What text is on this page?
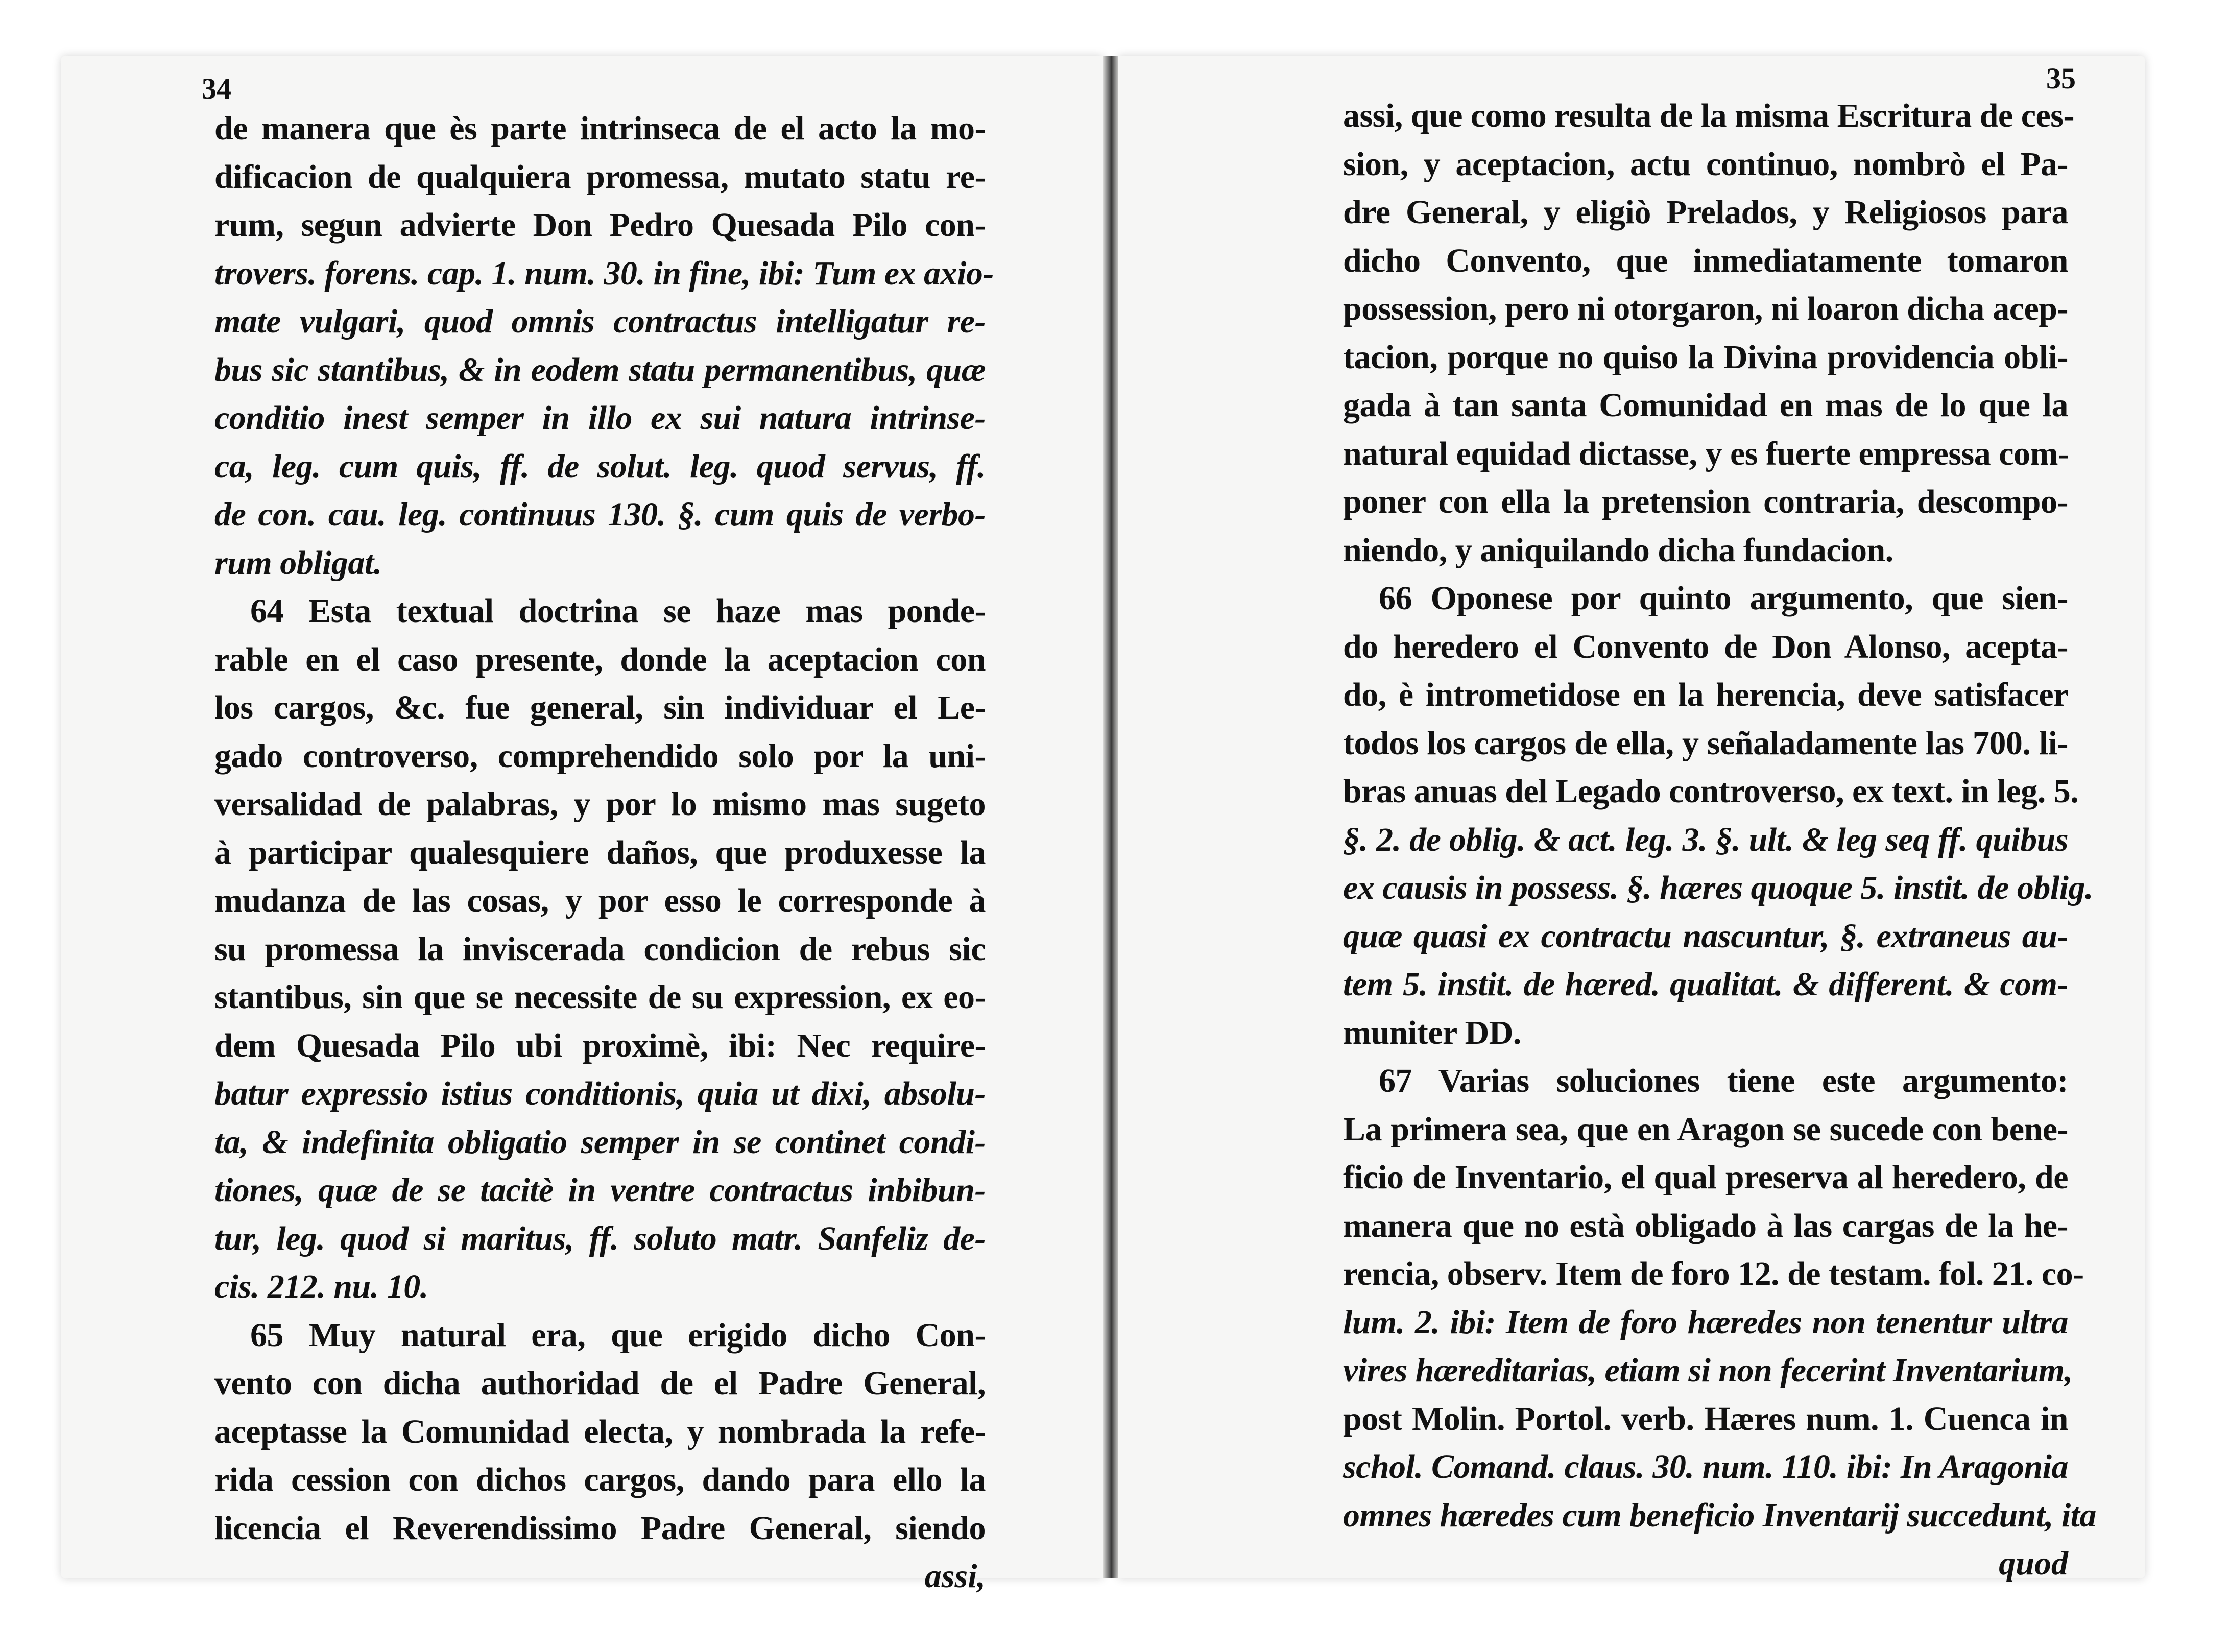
34
de manera que ès parte intrinseca de el acto la mo-
dificacion de qualquiera promessa, mutato statu re-
rum, segun advierte Don Pedro Quesada Pilo con-
trovers. forens. cap. 1. num. 30. in fine, ibi: Tum ex axio-
mate vulgari, quod omnis contractus intelligatur re-
bus sic stantibus, & in eodem statu permanentibus, quæ
conditio inest semper in illo ex sui natura intrinse-
ca, leg. cum quis, ff. de solut. leg. quod servus, ff.
de con. cau. leg. continuus 130. §. cum quis de verbo-
rum obligat.
64 Esta textual doctrina se haze mas ponde-
rable en el caso presente, donde la aceptacion con
los cargos, &c. fue general, sin individuar el Le-
gado controverso, comprehendido solo por la uni-
versalidad de palabras, y por lo mismo mas sugeto
à participar qualesquiere daños, que produxesse la
mudanza de las cosas, y por esso le corresponde à
su promessa la inviscerada condicion de rebus sic
stantibus, sin que se necessite de su expression, ex eo-
dem Quesada Pilo ubi proximè, ibi: Nec require-
batur expressio istius conditionis, quia ut dixi, absolu-
ta, & indefinita obligatio semper in se continet condi-
tiones, quæ de se tacitè in ventre contractus inbibun-
tur, leg. quod si maritus, ff. soluto matr. Sanfeliz de-
cis. 212. nu. 10.
65 Muy natural era, que erigido dicho Con-
vento con dicha authoridad de el Padre General,
aceptasse la Comunidad electa, y nombrada la refe-
rida cession con dichos cargos, dando para ello la
licencia el Reverendissimo Padre General, siendo
assi,
35
assi, que como resulta de la misma Escritura de ces-
sion, y aceptacion, actu continuo, nombrò el Pa-
dre General, y eligiò Prelados, y Religiosos para
dicho Convento, que inmediatamente tomaron
possession, pero ni otorgaron, ni loaron dicha acep-
tacion, porque no quiso la Divina providencia obli-
gada à tan santa Comunidad en mas de lo que la
natural equidad dictasse, y es fuerte empressa com-
poner con ella la pretension contraria, descompo-
niendo, y aniquilando dicha fundacion.
66 Oponese por quinto argumento, que sien-
do heredero el Convento de Don Alonso, acepta-
do, è intrometidose en la herencia, deve satisfacer
todos los cargos de ella, y señaladamente las 700. li-
bras anuas del Legado controverso, ex text. in leg. 5.
§. 2. de oblig. & act. leg. 3. §. ult. & leg seq ff. quibus
ex causis in possess. §. hæres quoque 5. instit. de oblig.
quæ quasi ex contractu nascuntur, §. extraneus au-
tem 5. instit. de hæred. qualitat. & different. & com-
muniter DD.
67 Varias soluciones tiene este argumento:
La primera sea, que en Aragon se sucede con bene-
ficio de Inventario, el qual preserva al heredero, de
manera que no està obligado à las cargas de la he-
rencia, observ. Item de foro 12. de testam. fol. 21. co-
lum. 2. ibi: Item de foro hæredes non tenentur ultra
vires hæreditarias, etiam si non fecerint Inventarium,
post Molin. Portol. verb. Hæres num. 1. Cuenca in
schol. Comand. claus. 30. num. 110. ibi: In Aragonia
omnes hæredes cum beneficio Inventarij succedunt, ita
quod
